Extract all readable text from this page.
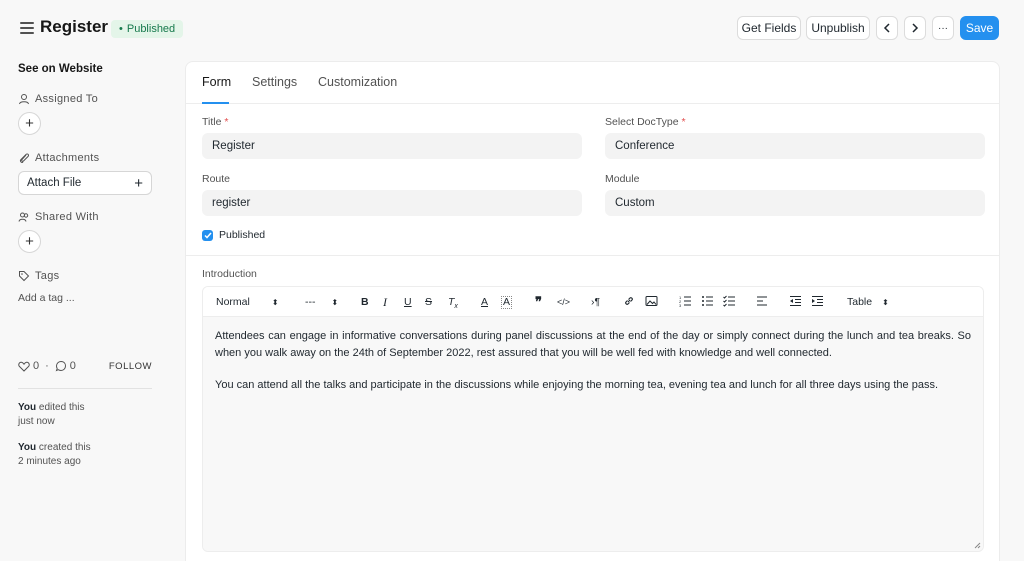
Register
•	Published	Get Fields	Unpublish	···	Save
See on Website
Assigned To
+
Attachments
Attach File	+
Shared With
+
Tags
Add a tag ...
0 · 0	FOLLOW
You edited this
just now
You created this
2 minutes ago
Form Settings Customization
Title *
Register
Select DocType *
Conference
Route
register
Module
Custom
Published
Introduction
Normal	⬍	--- ⬍ B I U S $T_x$ A A ❞ </> ›¶	1
2
3	Table ⬍

Attendees can engage in informative conversations during panel discussions at the end of the day or simply connect during the lunch and tea breaks. So when you walk away on the 24th of September 2022, rest assured that you will be well fed with knowledge and well connected.

You can attend all the talks and participate in the discussions while enjoying the morning tea, evening tea and lunch for all three days using the pass.
